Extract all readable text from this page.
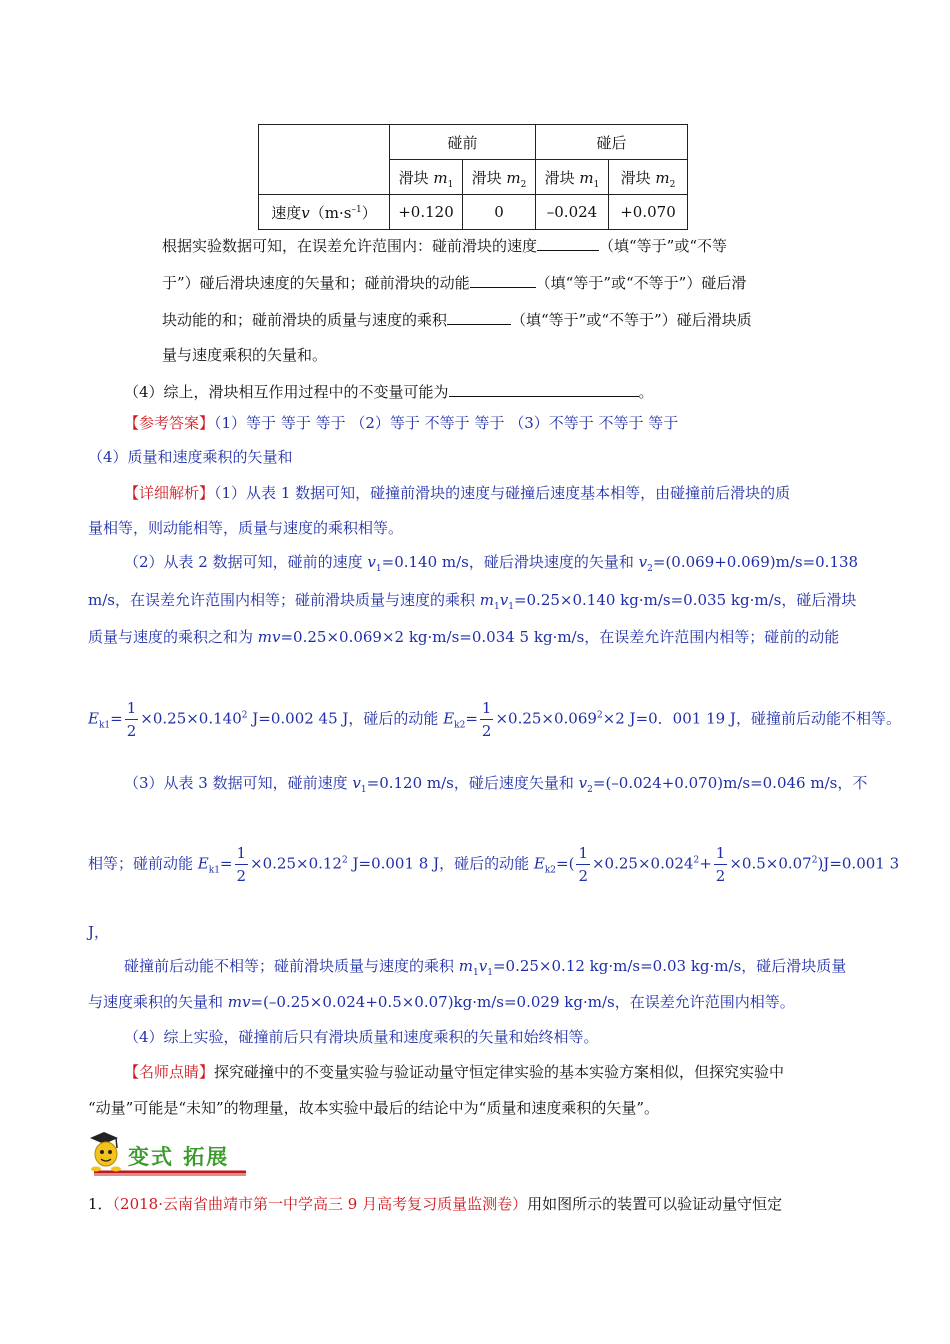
	碰前		碰后	
	滑块 $m_1$	滑块 $m_2$	滑块 $m_1$	滑块 $m_2$
速度$v(m\cdot s^{-1})$	+0.120	0	–0.024	+0.070
根据实验数据可知，在误差允许范围内：碰前滑块的速度	（填“等于”或“不等
于”）碰后滑块速度的矢量和；碰前滑块的动能	（填“等于”或“不等于”）碰后滑
块动能的和；碰前滑块的质量与速度的乘积	（填“等于”或“不等于”）碰后滑块质
量与速度乘积的矢量和。
（4）综上，滑块相互作用过程中的不变量可能为	。
【参考答案】（1）等于 等于 等于 （2）等于 不等于 等于 （3）不等于 不等于 等于
（4）质量和速度乘积的矢量和
【详细解析】（1）从表 1 数据可知，碰撞前滑块的速度与碰撞后速度基本相等，由碰撞前后滑块的质
量相等，则动能相等，质量与速度的乘积相等。
（2）从表 2 数据可知，碰前的速度 $v_1=0.140$ m/s，碰后滑块速度的矢量和 $v_2=(0.069+0.069)m/s=0.138$
m/s，在误差允许范围内相等；碰前滑块质量与速度的乘积 $m_1v_1=0.25\times 0.140$ kg·m/s=0.035 kg·m/s，碰后滑块
质量与速度的乘积之和为 mv=0.25×0.069×2 kg·m/s=0.034 5 kg·m/s，在误差允许范围内相等；碰前的动能
$E_{k1}= \frac{1}{2} \times 0.25\times 0.140^2$ J=0.002 45 J，碰后的动能 $E_{k2}= \frac{1}{2} \times 0.25\times 0.069^2\times 2$ J=0．001 19 J，碰撞前后动能不相等。
（3）从表 3 数据可知，碰前速度 $v_1=0.120$ m/s，碰后速度矢量和 $v_2=(-0.024+0.070)m/s=0.046$ m/s，不
相等；碰前动能 $E_{k1}= \frac{1}{2} \times 0.25\times 0.12^2$ J=0.001 8 J，碰后的动能 $E_{k2}=( \frac{1}{2} \times 0.25\times 0.024^2+ \frac{1}{2} \times 0.5\times 0.07^2)J=0.001$ 3
J，
碰撞前后动能不相等；碰前滑块质量与速度的乘积 $m_1v_1=0.25\times 0.12$ kg·m/s=0.03 kg·m/s，碰后滑块质量
与速度乘积的矢量和 mv=(–0.25×0.024+0.5×0.07)kg·m/s=0.029 kg·m/s，在误差允许范围内相等。
（4）综上实验，碰撞前后只有滑块质量和速度乘积的矢量和始终相等。
【名师点睛】探究碰撞中的不变量实验与验证动量守恒定律实验的基本实验方案相似，但探究实验中
“动量”可能是“未知”的物理量，故本实验中最后的结论中为“质量和速度乘积的矢量”。
变式 拓展
1．（2018·云南省曲靖市第一中学高三 9 月高考复习质量监测卷）用如图所示的装置可以验证动量守恒定
